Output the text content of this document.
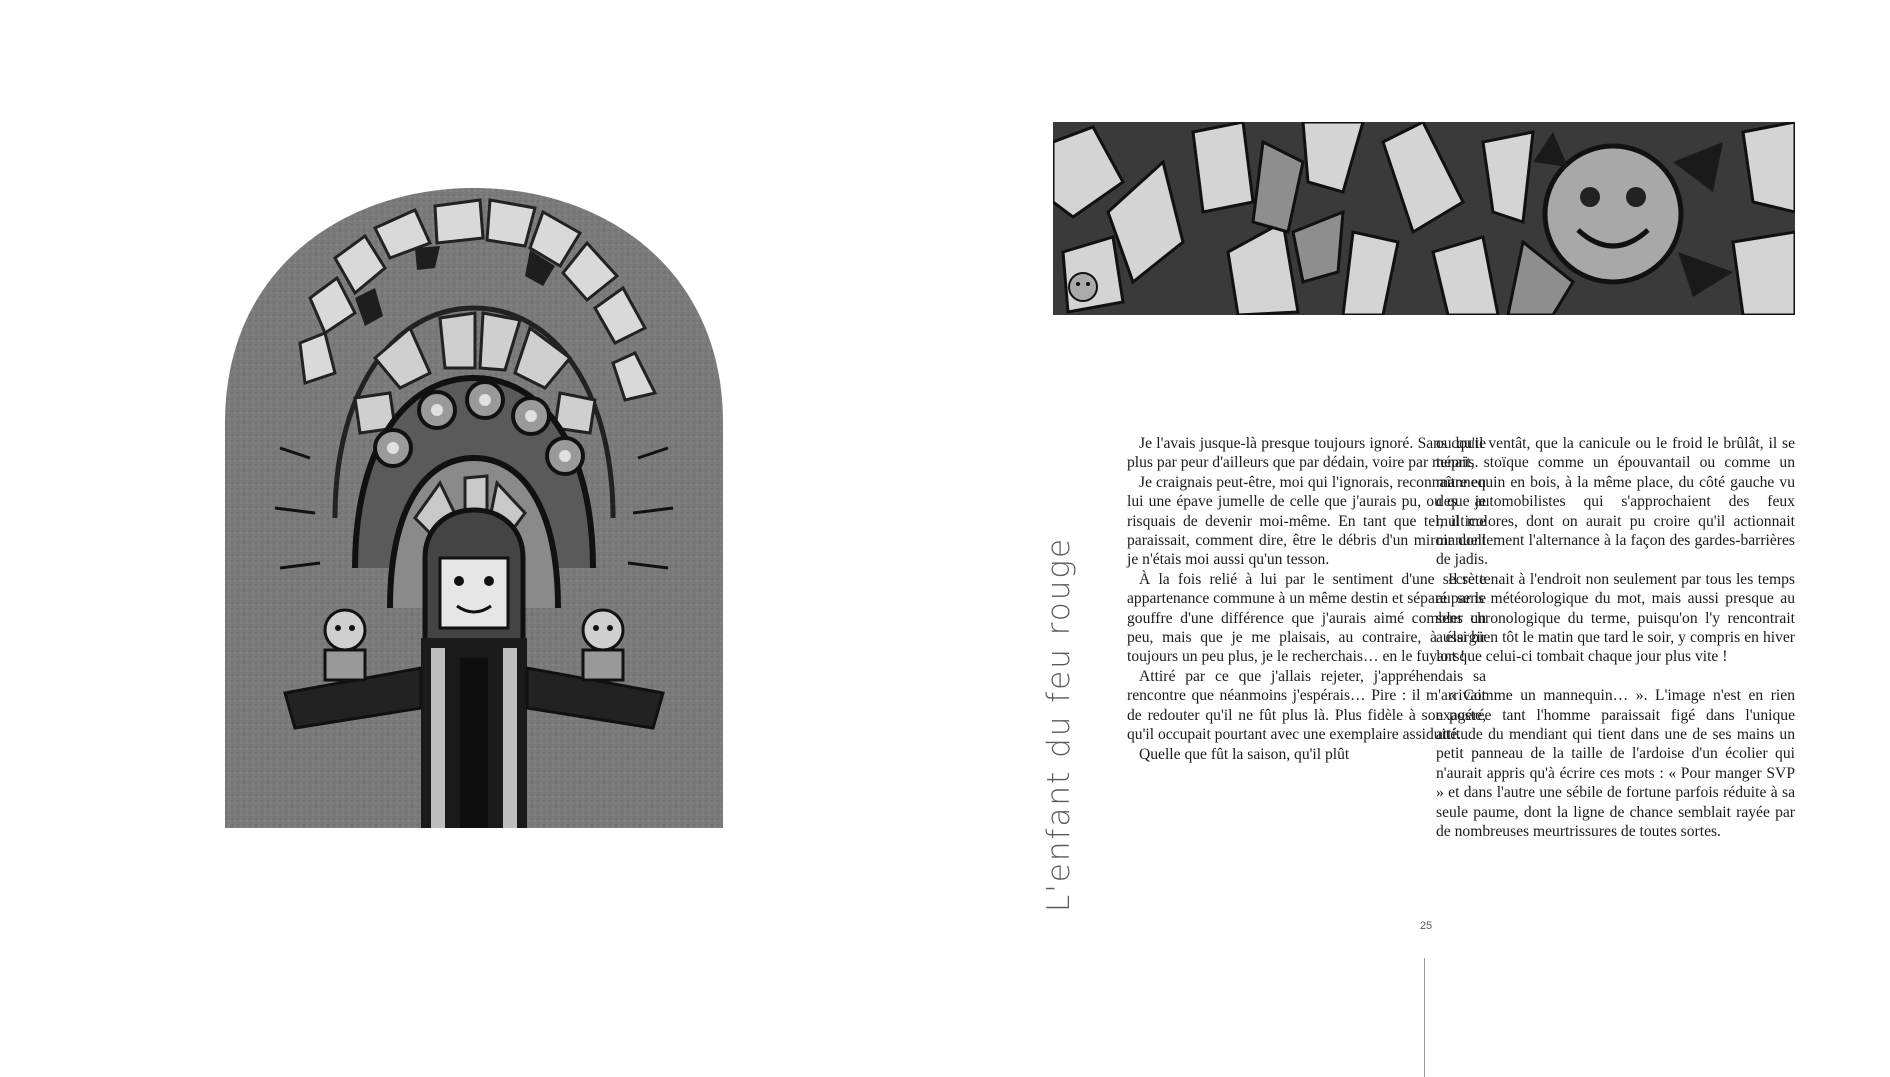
L'enfant du feu rouge

Je l'avais jusque-là presque toujours ignoré. Sans doute plus par peur d'ailleurs que par dédain, voire par mépris.

Je craignais peut-être, moi qui l'ignorais, reconnaître en lui une épave jumelle de celle que j'aurais pu, ou que je risquais de devenir moi-même. En tant que tel, il me paraissait, comment dire, être le débris d'un miroir dont je n'étais moi aussi qu'un tesson.

À la fois relié à lui par le sentiment d'une secrète appartenance commune à un même destin et séparé par le gouffre d'une différence que j'aurais aimé combler un peu, mais que je me plaisais, au contraire, à élargir toujours un peu plus, je le recherchais… en le fuyant !

Attiré par ce que j'allais rejeter, j'appréhendais sa rencontre que néanmoins j'espérais… Pire : il m'arrivait de redouter qu'il ne fût plus là. Plus fidèle à son poste, qu'il occupait pourtant avec une exemplaire assiduité.

Quelle que fût la saison, qu'il plût

ou qu'il ventât, que la canicule ou le froid le brûlât, il se tenait, stoïque comme un épouvantail ou comme un mannequin en bois, à la même place, du côté gauche vu des automobilistes qui s'approchaient des feux multicolores, dont on aurait pu croire qu'il actionnait manuellement l'alternance à la façon des gardes-barrières de jadis.

Il se tenait à l'endroit non seulement par tous les temps au sens météorologique du mot, mais aussi presque au sens chronologique du terme, puisqu'on l'y rencontrait aussi bien tôt le matin que tard le soir, y compris en hiver lorsque celui-ci tombait chaque jour plus vite !

« Comme un mannequin… ». L'image n'est en rien exagérée tant l'homme paraissait figé dans l'unique attitude du mendiant qui tient dans une de ses mains un petit panneau de la taille de l'ardoise d'un écolier qui n'aurait appris qu'à écrire ces mots : « Pour manger SVP » et dans l'autre une sébile de fortune parfois réduite à sa seule paume, dont la ligne de chance semblait rayée par de nombreuses meurtrissures de toutes sortes.

25
